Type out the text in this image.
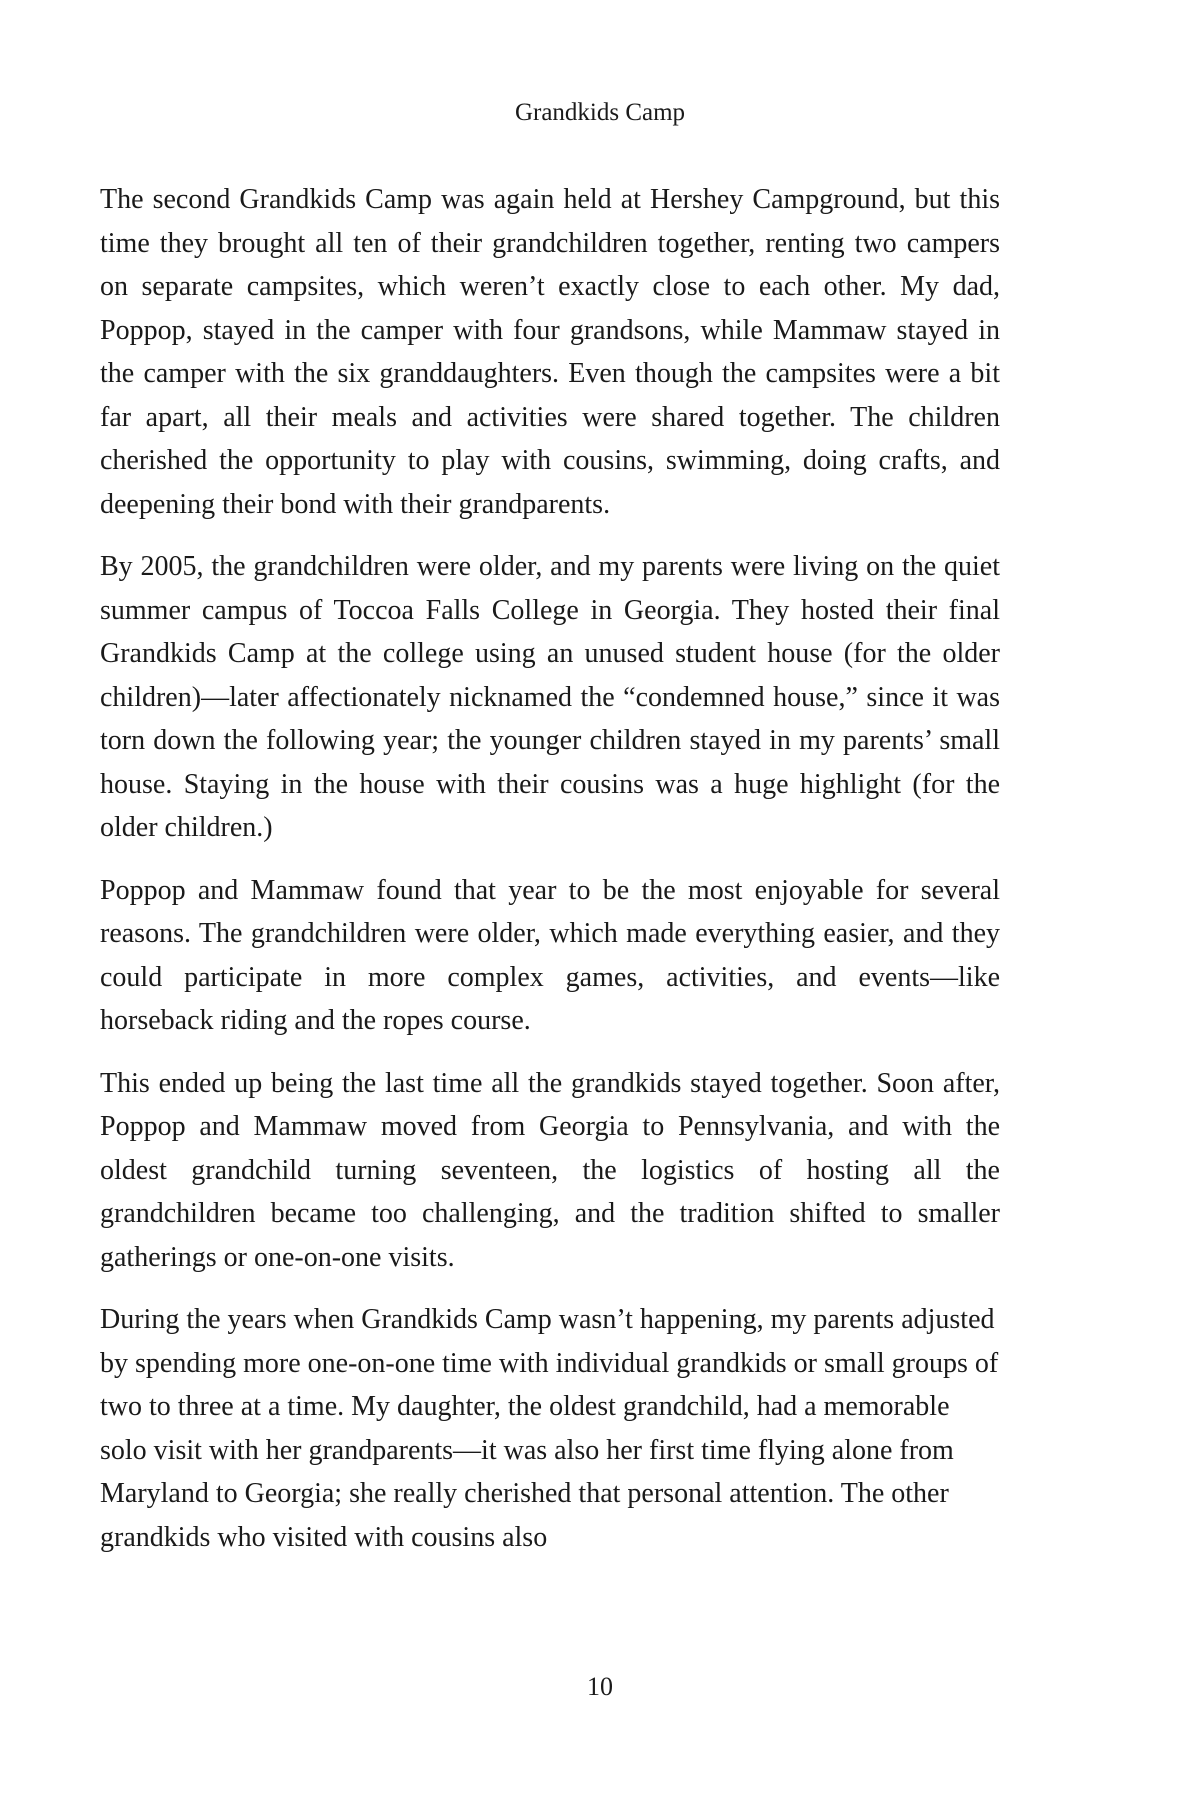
Grandkids Camp

The second Grandkids Camp was again held at Hershey Campground, but this time they brought all ten of their grandchildren together, renting two campers on separate campsites, which weren’t exactly close to each other. My dad, Poppop, stayed in the camper with four grandsons, while Mammaw stayed in the camper with the six granddaughters. Even though the campsites were a bit far apart, all their meals and activities were shared together. The children cherished the opportunity to play with cousins, swimming, doing crafts, and deepening their bond with their grandparents.

By 2005, the grandchildren were older, and my parents were living on the quiet summer campus of Toccoa Falls College in Georgia. They hosted their final Grandkids Camp at the college using an unused student house (for the older children)—later affectionately nicknamed the “condemned house,” since it was torn down the following year; the younger children stayed in my parents’ small house. Staying in the house with their cousins was a huge highlight (for the older children.)

Poppop and Mammaw found that year to be the most enjoyable for several reasons. The grandchildren were older, which made everything easier, and they could participate in more complex games, activities, and events—like horseback riding and the ropes course.

This ended up being the last time all the grandkids stayed together. Soon after, Poppop and Mammaw moved from Georgia to Pennsylvania, and with the oldest grandchild turning seventeen, the logistics of hosting all the grandchildren became too challenging, and the tradition shifted to smaller gatherings or one-on-one visits.

During the years when Grandkids Camp wasn’t happening, my parents adjusted by spending more one-on-one time with individual grandkids or small groups of two to three at a time. My daughter, the oldest grandchild, had a memorable solo visit with her grandparents—it was also her first time flying alone from Maryland to Georgia; she really cherished that personal attention. The other grandkids who visited with cousins also

10
